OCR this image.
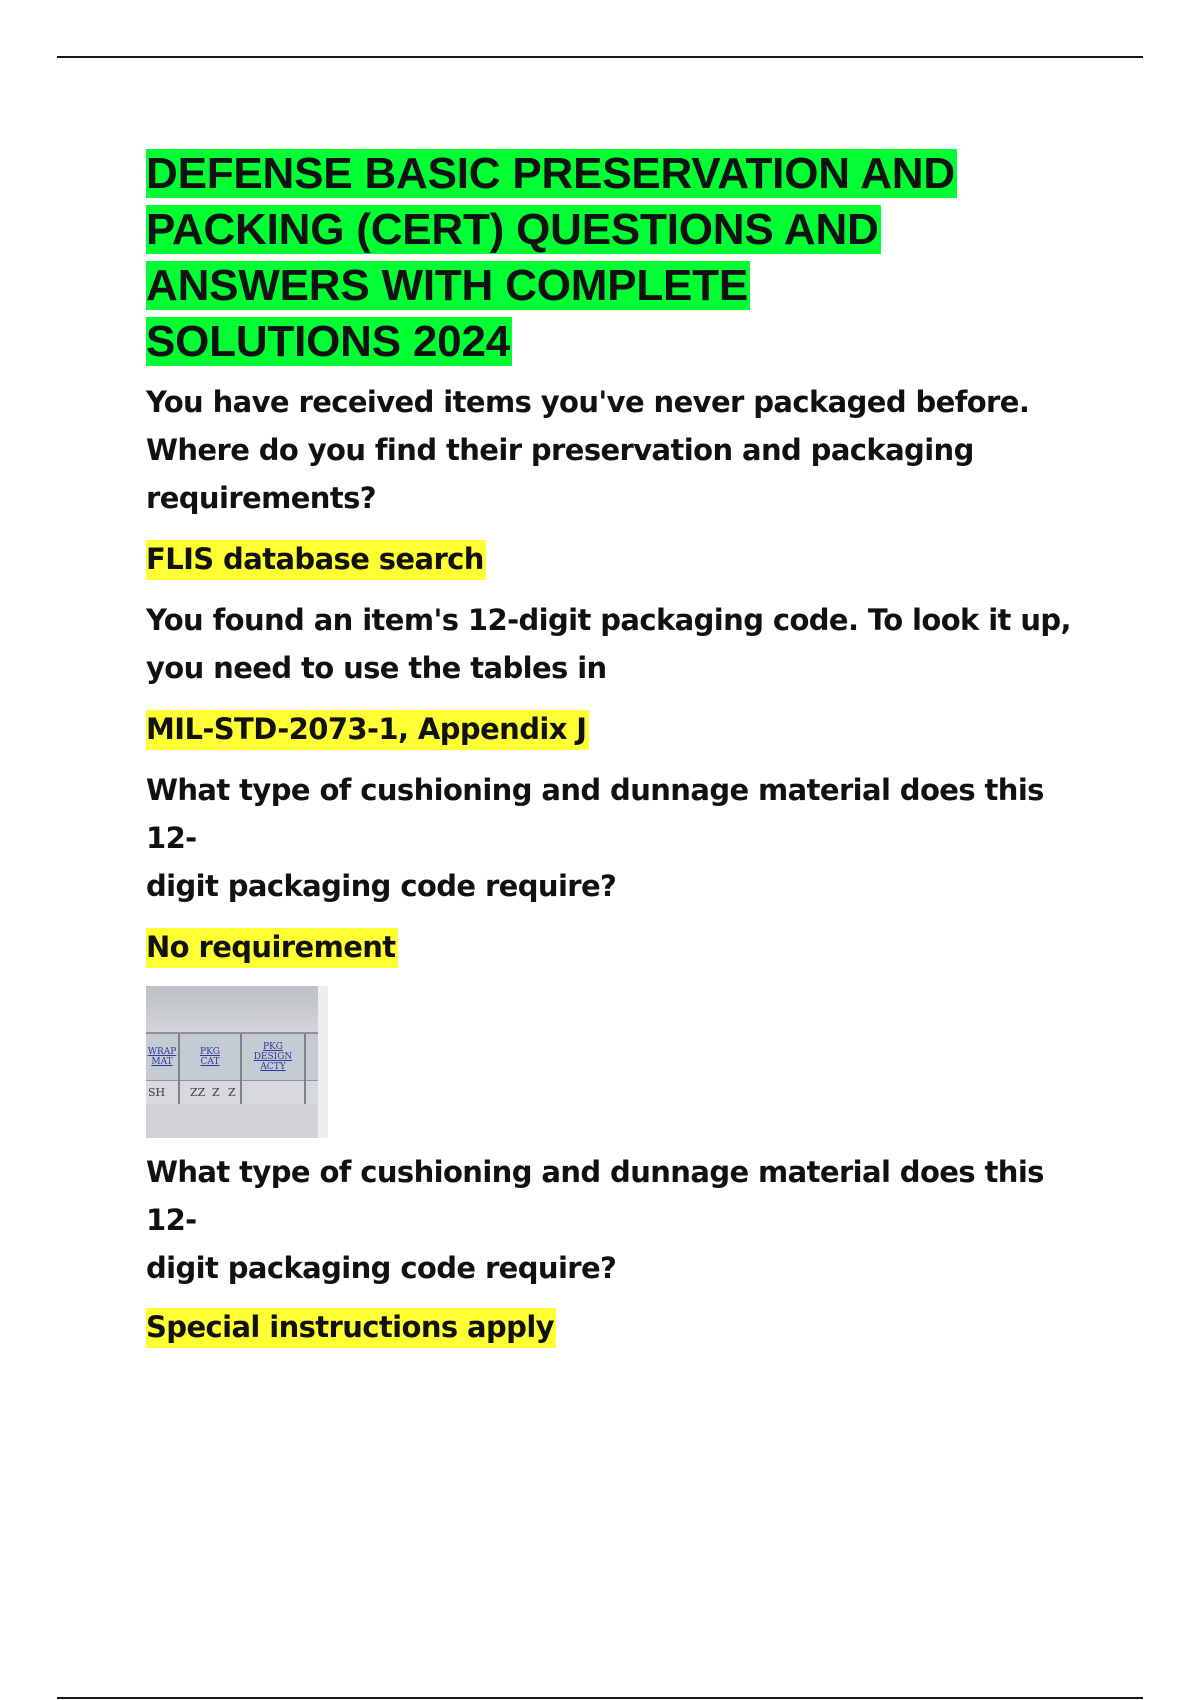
DEFENSE BASIC PRESERVATION AND
PACKING (CERT) QUESTIONS AND
ANSWERS WITH COMPLETE
SOLUTIONS 2024

You have received items you've never packaged before.
Where do you find their preservation and packaging
requirements?

FLIS database search

You found an item's 12-digit packaging code. To look it up,
you need to use the tables in

MIL-STD-2073-1, Appendix J

What type of cushioning and dunnage material does this 12-
digit packaging code require?

No requirement

WRAP
MAT
PKG
CAT
PKG
DESIGN
ACTY
SH ZZ Z Z

What type of cushioning and dunnage material does this 12-
digit packaging code require?

Special instructions apply
